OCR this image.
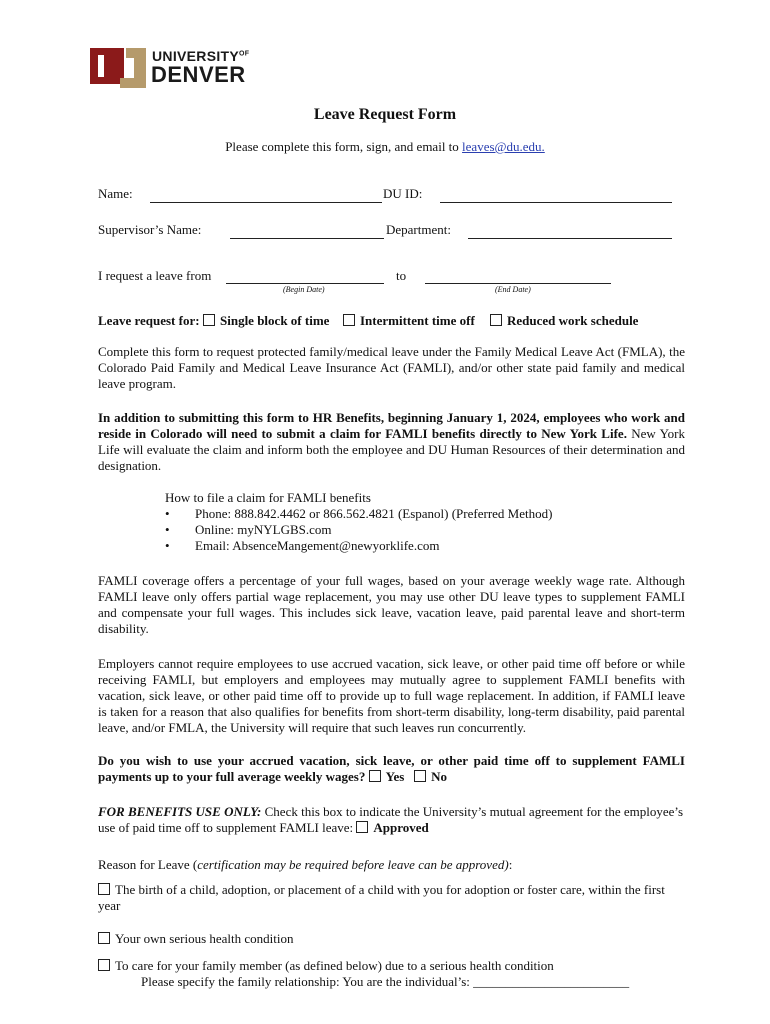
$UNIVERSITY^{OF}$
DENVER
Leave Request Form
Please complete this form, sign, and email to leaves@du.edu.
Name:	DU ID:
Supervisor’s Name:	Department:
I request a leave from
(Begin Date)
to
(End Date)
Leave request for:	Single block of time	Intermittent time off	Reduced work schedule

Complete this form to request protected family/medical leave under the Family Medical Leave Act (FMLA), the Colorado Paid Family and Medical Leave Insurance Act (FAMLI), and/or other state paid family and medical leave program.

In addition to submitting this form to HR Benefits, beginning January 1, 2024, employees who work and reside in Colorado will need to submit a claim for FAMLI benefits directly to New York Life. New York Life will evaluate the claim and inform both the employee and DU Human Resources of their determination and designation.

How to file a claim for FAMLI benefits
• Phone: 888.842.4462 or 866.562.4821 (Espanol) (Preferred Method)
• Online: myNYLGBS.com
• Email: AbsenceMangement@newyorklife.com

FAMLI coverage offers a percentage of your full wages, based on your average weekly wage rate. Although FAMLI leave only offers partial wage replacement, you may use other DU leave types to supplement FAMLI and compensate your full wages. This includes sick leave, vacation leave, paid parental leave and short-term disability.

Employers cannot require employees to use accrued vacation, sick leave, or other paid time off before or while receiving FAMLI, but employers and employees may mutually agree to supplement FAMLI benefits with vacation, sick leave, or other paid time off to provide up to full wage replacement. In addition, if FAMLI leave is taken for a reason that also qualifies for benefits from short-term disability, long-term disability, paid parental leave, and/or FMLA, the University will require that such leaves run concurrently.

Do you wish to use your accrued vacation, sick leave, or other paid time off to supplement FAMLI payments up to your full average weekly wages? Yes No

FOR BENEFITS USE ONLY: Check this box to indicate the University’s mutual agreement for the employee’s use of paid time off to supplement FAMLI leave: Approved

Reason for Leave (certification may be required before leave can be approved):

The birth of a child, adoption, or placement of a child with you for adoption or foster care, within the first year

Your own serious health condition
To care for your family member (as defined below) due to a serious health condition
Please specify the family relationship: You are the individual’s: ________________________
